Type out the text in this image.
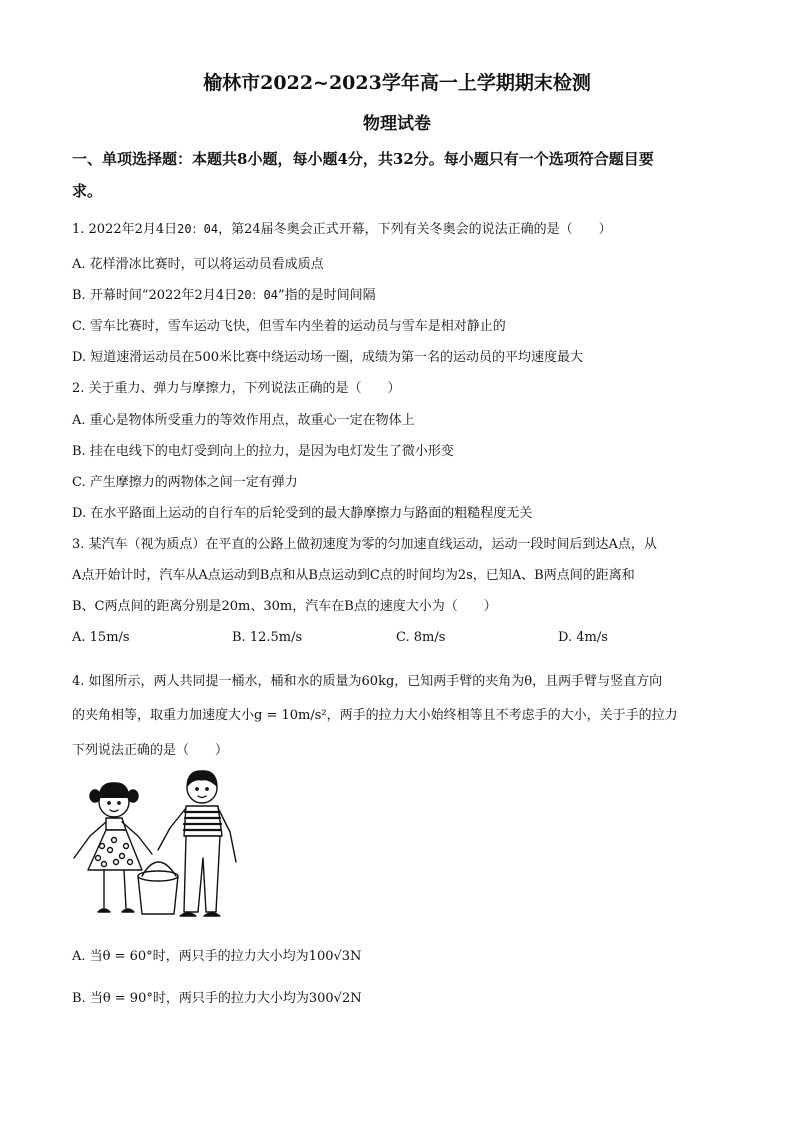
榆林市2022~2023学年高一上学期期末检测
物理试卷
一、单项选择题：本题共8小题，每小题4分，共32分。每小题只有一个选项符合题目要
求。
1. 2022年2月4日20：04，第24届冬奥会正式开幕，下列有关冬奥会的说法正确的是（　　）
A. 花样滑冰比赛时，可以将运动员看成质点
B. 开幕时间“2022年2月4日20：04”指的是时间间隔
C. 雪车比赛时，雪车运动飞快，但雪车内坐着的运动员与雪车是相对静止的
D. 短道速滑运动员在500米比赛中绕运动场一圈，成绩为第一名的运动员的平均速度最大
2. 关于重力、弹力与摩擦力，下列说法正确的是（　　）
A. 重心是物体所受重力的等效作用点，故重心一定在物体上
B. 挂在电线下的电灯受到向上的拉力，是因为电灯发生了微小形变
C. 产生摩擦力的两物体之间一定有弹力
D. 在水平路面上运动的自行车的后轮受到的最大静摩擦力与路面的粗糙程度无关
3. 某汽车（视为质点）在平直的公路上做初速度为零的匀加速直线运动，运动一段时间后到达A点，从
A点开始计时，汽车从A点运动到B点和从B点运动到C点的时间均为2s，已知A、B两点间的距离和
B、C两点间的距离分别是20m、30m，汽车在B点的速度大小为（　　）
A. 15m/s	B. 12.5m/s	C. 8m/s	D. 4m/s
4. 如图所示，两人共同提一桶水，桶和水的质量为60kg，已知两手臂的夹角为θ，且两手臂与竖直方向
的夹角相等，取重力加速度大小g = 10m/s²，两手的拉力大小始终相等且不考虑手的大小，关于手的拉力
下列说法正确的是（　　）
A. 当θ = 60°时，两只手的拉力大小均为100√3N
B. 当θ = 90°时，两只手的拉力大小均为300√2N
